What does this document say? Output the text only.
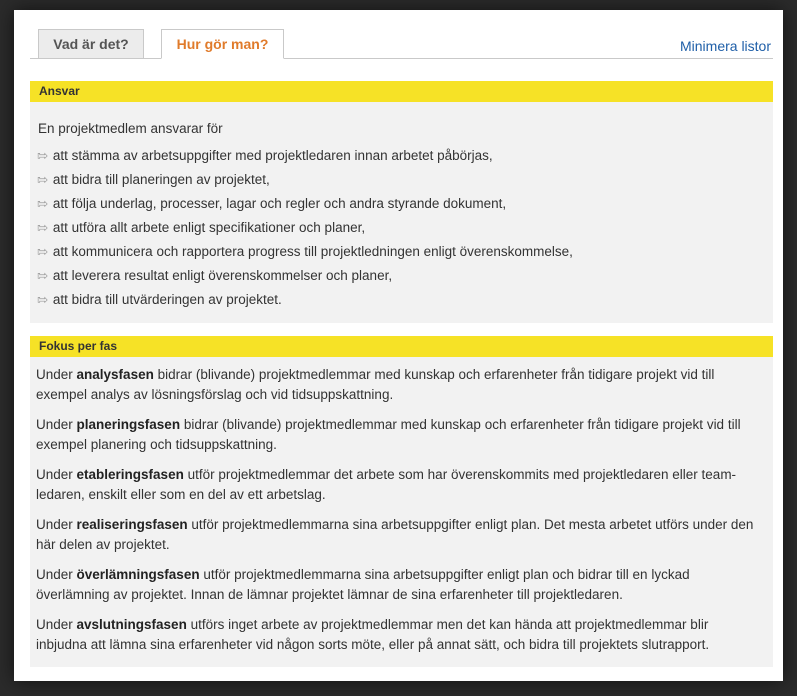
Vad är det?	Hur gör man?	Minimera listor
Ansvar
En projektmedlem ansvarar för
⇰ att stämma av arbetsuppgifter med projektledaren innan arbetet påbörjas,
⇰ att bidra till planeringen av projektet,
⇰ att följa underlag, processer, lagar och regler och andra styrande dokument,
⇰ att utföra allt arbete enligt specifikationer och planer,
⇰ att kommunicera och rapportera progress till projektledningen enligt överenskommelse,
⇰ att leverera resultat enligt överenskommelser och planer,
⇰ att bidra till utvärderingen av projektet.
Fokus per fas

Under analysfasen bidrar (blivande) projektmedlemmar med kunskap och erfarenheter från tidigare projekt vid till exempel analys av lösningsförslag och vid tidsuppskattning.

Under planeringsfasen bidrar (blivande) projektmedlemmar med kunskap och erfarenheter från tidigare projekt vid till exempel planering och tidsuppskattning.

Under etableringsfasen utför projektmedlemmar det arbete som har överenskommits med projektledaren eller team-ledaren, enskilt eller som en del av ett arbetslag.

Under realiseringsfasen utför projektmedlemmarna sina arbetsuppgifter enligt plan. Det mesta arbetet utförs under den här delen av projektet.

Under överlämningsfasen utför projektmedlemmarna sina arbetsuppgifter enligt plan och bidrar till en lyckad överlämning av projektet. Innan de lämnar projektet lämnar de sina erfarenheter till projektledaren.

Under avslutningsfasen utförs inget arbete av projektmedlemmar men det kan hända att projektmedlemmar blir inbjudna att lämna sina erfarenheter vid någon sorts möte, eller på annat sätt, och bidra till projektets slutrapport.
